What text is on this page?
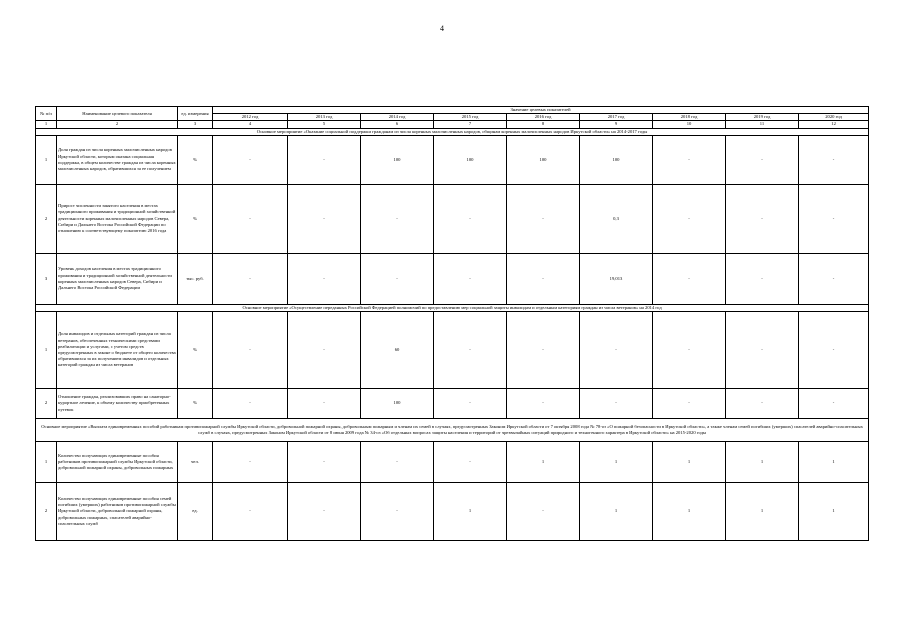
4
№ п/п	Наименование целевого показателя	ед. измерения	Значение целевых показателей								
			2012 год	2013 год	2014 год	2015 год	2016 год	2017 год	2018 год	2019 год	2020 год
1	2	3	4	5	6	7	8	9	10	11	12
Основное мероприятие «Оказание социальной поддержки гражданам из числа коренных малочисленных народов, общинам коренных малочисленных народов Иркутской области» на 2014-2017 годы											
1	Доля граждан из числа коренных малочисленных народов Иркутской области, которым оказана социальная поддержка, в общем количестве граждан из числа коренных малочисленных народов, обратившихся за ее получением	%	-	-	100	100	100	100	-	-	-
2	Прирост численности занятого населения в местах традиционного проживания и традиционной хозяйственной деятельности коренных малочисленных народов Севера, Сибири и Дальнего Востока Российской Федерации по отношению к соответствующему показателю 2016 года	%	-	-	-	-	-	0,3	-	-	-
3	Уровень доходов населения в местах традиционного проживания и традиционной хозяйственной деятельности коренных малочисленных народов Севера, Сибири и Дальнего Востока Российской Федерации	тыс. руб.	-	-	-	-	-	19,013	-	-	-
Основное мероприятие «Осуществление переданных Российской Федерацией полномочий по предоставлению мер социальной защиты инвалидам и отдельным категориям граждан из числа ветеранов» на 2014 год											
1	Доля инвалидов и отдельных категорий граждан из числа ветеранов, обеспеченных техническими средствами реабилитации и услугами, с учетом средств предусмотренных в законе о бюджете от общего количества обратившихся за их получением инвалидов и отдельных категорий граждан из числа ветеранов	%	-	-	60	-	-	-	-	-	-
2	Отношение граждан, реализовавших право на санаторно-курортное лечение, к объему количеству приобретенных путевок	%	-	-	100	-	-	-	-	-	-
Основное мероприятие «Выплата единовременных пособий работникам противопожарной службы Иркутской области, добровольной пожарной охраны, добровольным пожарным и членам их семей в случаях, предусмотренных Законом Иркутской области от 7 октября 2008 года № 78-оз «О пожарной безопасности в Иркутской области», а также членам семей погибших (умерших) спасателей аварийно-спасательных служб в случаях, предусмотренных Законом Иркутской области от 8 июня 2009 года № 34-оз «Об отдельных вопросах защиты населения и территорий от чрезвычайных ситуаций природного и техногенного характера в Иркутской области» на 2015-2020 годы											
1	Количество получающих единовременные пособия работников противопожарной службы Иркутской области, добровольной пожарной охраны, добровольных пожарных	чел.	-	-	-	-	1	1	1	1	1
2	Количество получающих единовременные пособия семей погибших (умерших) работников противопожарной службы Иркутской области, добровольной пожарной охраны, добровольных пожарных, спасателей аварийно-спасательных служб	ед.	-	-	-	1	-	1	1	1	1
